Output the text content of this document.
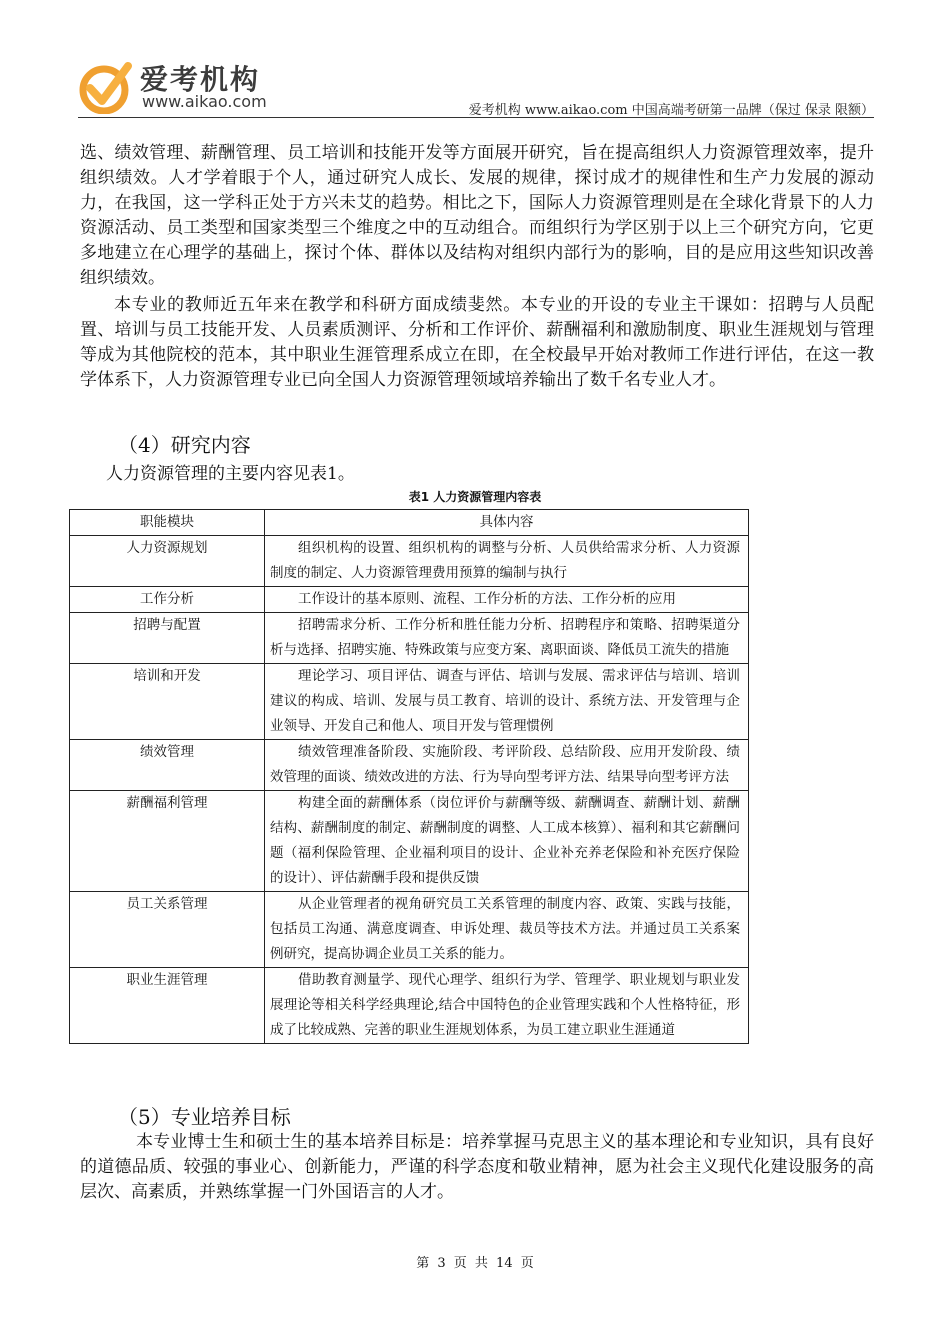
爱考机构
www.aikao.com	爱考机构 www.aikao.com 中国高端考研第一品牌（保过 保录 限额）
选、绩效管理、薪酬管理、员工培训和技能开发等方面展开研究，旨在提高组织人力资源管理效率，提升组织绩效。人才学着眼于个人，通过研究人成长、发展的规律，探讨成才的规律性和生产力发展的源动力，在我国，这一学科正处于方兴未艾的趋势。相比之下，国际人力资源管理则是在全球化背景下的人力资源活动、员工类型和国家类型三个维度之中的互动组合。而组织行为学区别于以上三个研究方向，它更多地建立在心理学的基础上，探讨个体、群体以及结构对组织内部行为的影响，目的是应用这些知识改善组织绩效。
本专业的教师近五年来在教学和科研方面成绩斐然。本专业的开设的专业主干课如：招聘与人员配置、培训与员工技能开发、人员素质测评、分析和工作评价、薪酬福利和激励制度、职业生涯规划与管理等成为其他院校的范本，其中职业生涯管理系成立在即，在全校最早开始对教师工作进行评估，在这一教学体系下，人力资源管理专业已向全国人力资源管理领域培养输出了数千名专业人才。
（4）研究内容
人力资源管理的主要内容见表1。
表1 人力资源管理内容表
职能模块	具体内容
人力资源规划	组织机构的设置、组织机构的调整与分析、人员供给需求分析、人力资源制度的制定、人力资源管理费用预算的编制与执行
工作分析	工作设计的基本原则、流程、工作分析的方法、工作分析的应用
招聘与配置	招聘需求分析、工作分析和胜任能力分析、招聘程序和策略、招聘渠道分析与选择、招聘实施、特殊政策与应变方案、离职面谈、降低员工流失的措施
培训和开发	理论学习、项目评估、调查与评估、培训与发展、需求评估与培训、培训建议的构成、培训、发展与员工教育、培训的设计、系统方法、开发管理与企业领导、开发自己和他人、项目开发与管理惯例
绩效管理	绩效管理准备阶段、实施阶段、考评阶段、总结阶段、应用开发阶段、绩效管理的面谈、绩效改进的方法、行为导向型考评方法、结果导向型考评方法
薪酬福利管理	构建全面的薪酬体系（岗位评价与薪酬等级、薪酬调查、薪酬计划、薪酬结构、薪酬制度的制定、薪酬制度的调整、人工成本核算）、福利和其它薪酬问题（福利保险管理、企业福利项目的设计、企业补充养老保险和补充医疗保险的设计）、评估薪酬手段和提供反馈
员工关系管理	从企业管理者的视角研究员工关系管理的制度内容、政策、实践与技能，包括员工沟通、满意度调查、申诉处理、裁员等技术方法。并通过员工关系案例研究，提高协调企业员工关系的能力。
职业生涯管理	借助教育测量学、现代心理学、组织行为学、管理学、职业规划与职业发展理论等相关科学经典理论,结合中国特色的企业管理实践和个人性格特征，形成了比较成熟、完善的职业生涯规划体系，为员工建立职业生涯通道
（5）专业培养目标
本专业博士生和硕士生的基本培养目标是：培养掌握马克思主义的基本理论和专业知识，具有良好的道德品质、较强的事业心、创新能力，严谨的科学态度和敬业精神，愿为社会主义现代化建设服务的高层次、高素质，并熟练掌握一门外国语言的人才。
第 3 页 共 14 页
